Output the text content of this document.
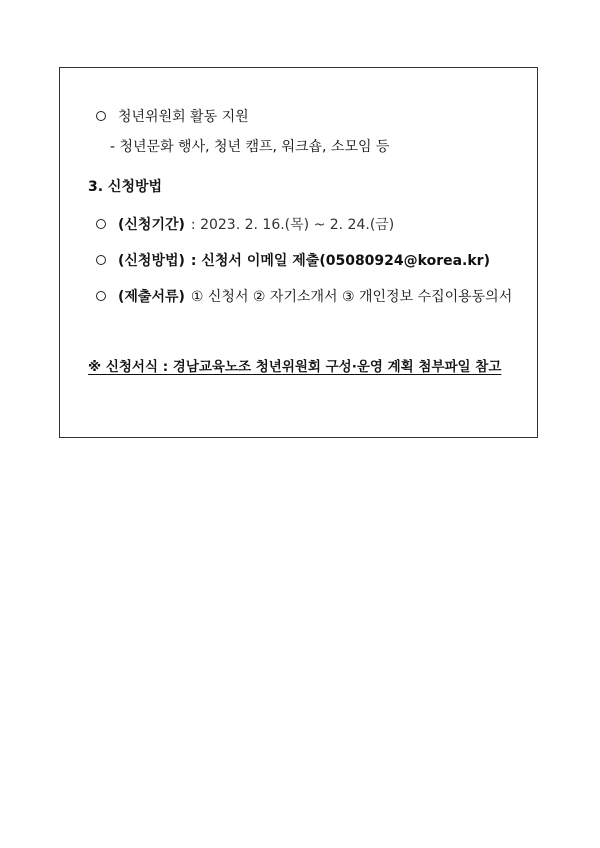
청년위원회 활동 지원
- 청년문화 행사, 청년 캠프, 워크숍, 소모임 등
3. 신청방법
(신청기간) : 2023. 2. 16.(목) ~ 2. 24.(금)
(신청방법) : 신청서 이메일 제출(05080924@korea.kr)
(제출서류) ① 신청서 ② 자기소개서 ③ 개인정보 수집이용동의서
※ 신청서식 : 경남교육노조 청년위원회 구성·운영 계획 첨부파일 참고
